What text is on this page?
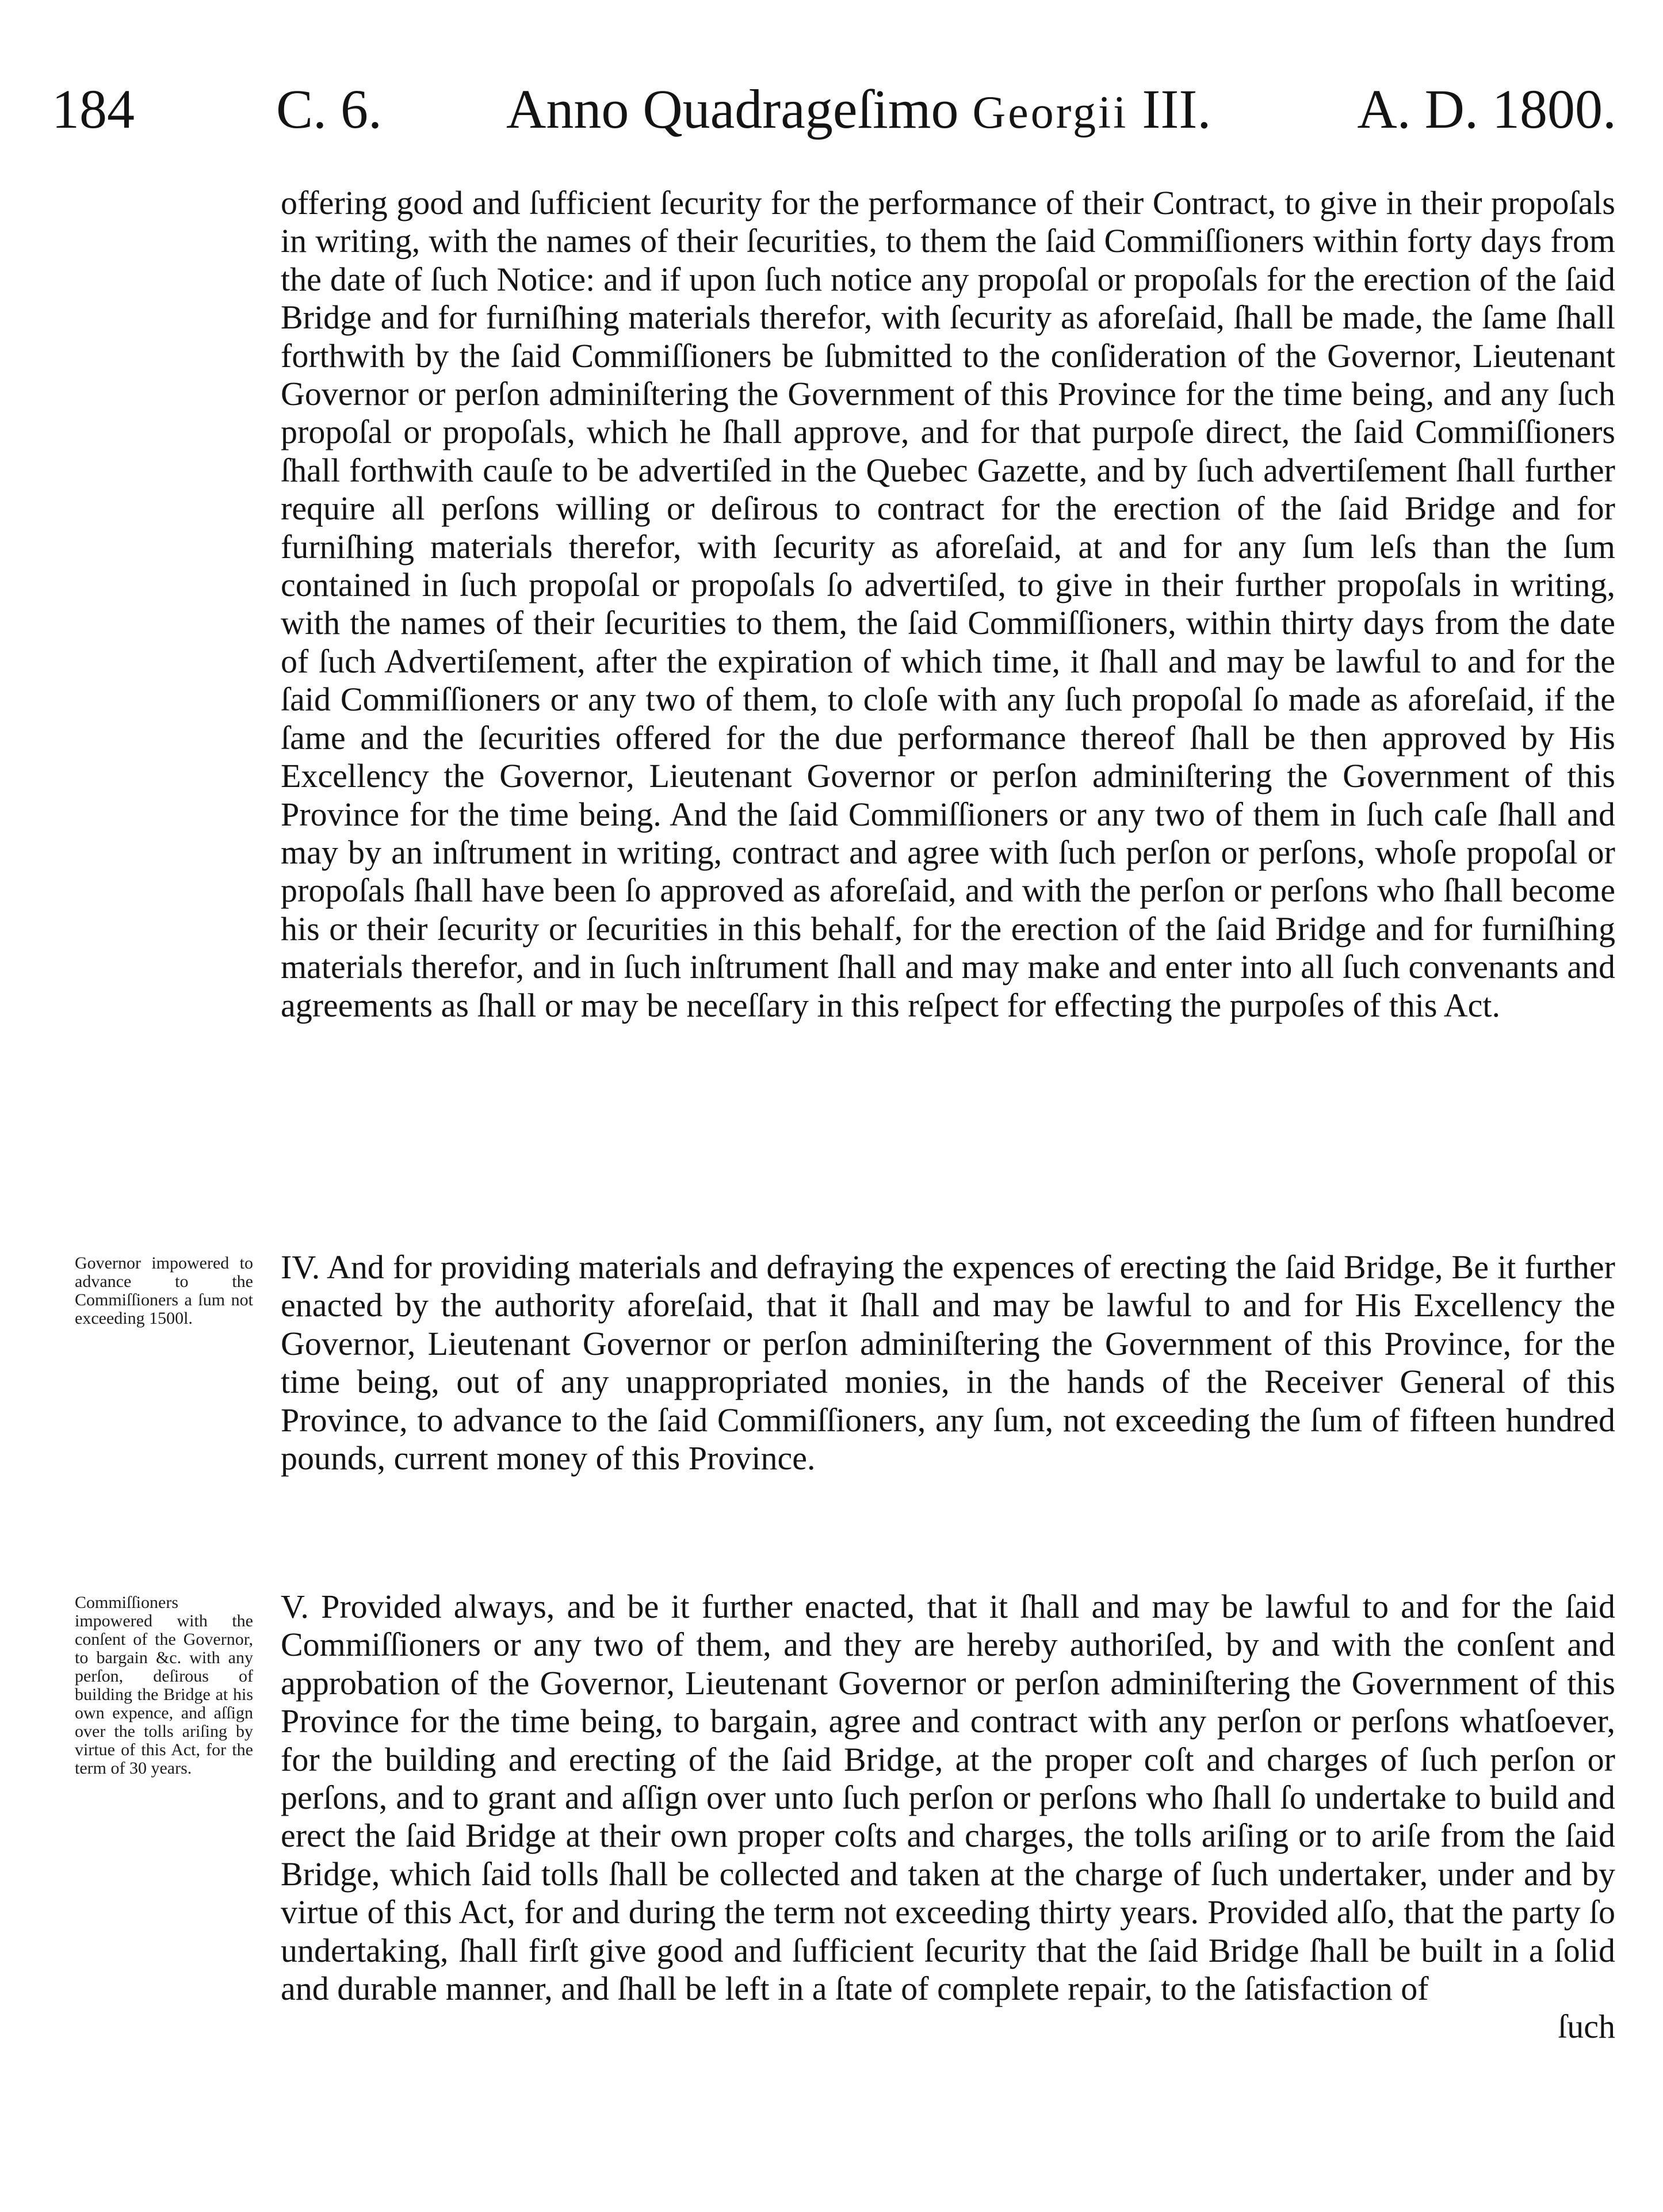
184	C. 6. Anno Quadrageſimo Georgii III.	A. D. 1800.
offering good and ſufficient ſecurity for the performance of their Contract, to give in their propoſals in writing, with the names of their ſecurities, to them the ſaid Commiſſioners within forty days from the date of ſuch Notice: and if upon ſuch notice any propoſal or propoſals for the erection of the ſaid Bridge and for furniſhing materials therefor, with ſecurity as aforeſaid, ſhall be made, the ſame ſhall forthwith by the ſaid Commiſſioners be ſubmitted to the conſideration of the Governor, Lieutenant Governor or perſon adminiſtering the Government of this Province for the time being, and any ſuch propoſal or propoſals, which he ſhall approve, and for that purpoſe direct, the ſaid Commiſſioners ſhall forthwith cauſe to be advertiſed in the Quebec Gazette, and by ſuch advertiſement ſhall further require all perſons willing or deſirous to contract for the erection of the ſaid Bridge and for furniſhing materials therefor, with ſecurity as aforeſaid, at and for any ſum leſs than the ſum contained in ſuch propoſal or propoſals ſo advertiſed, to give in their further propoſals in writing, with the names of their ſecurities to them, the ſaid Commiſſioners, within thirty days from the date of ſuch Advertiſement, after the expiration of which time, it ſhall and may be lawful to and for the ſaid Commiſſioners or any two of them, to cloſe with any ſuch propoſal ſo made as aforeſaid, if the ſame and the ſecurities offered for the due performance thereof ſhall be then approved by His Excellency the Governor, Lieutenant Governor or perſon adminiſtering the Government of this Province for the time being. And the ſaid Commiſſioners or any two of them in ſuch caſe ſhall and may by an inſtrument in writing, contract and agree with ſuch perſon or perſons, whoſe propoſal or propoſals ſhall have been ſo approved as aforeſaid, and with the perſon or perſons who ſhall become his or their ſecurity or ſecurities in this behalf, for the erection of the ſaid Bridge and for furniſhing materials therefor, and in ſuch inſtrument ſhall and may make and enter into all ſuch convenants and agreements as ſhall or may be neceſſary in this reſpect for effecting the purpoſes of this Act.
Governor impowered to advance to the Commiſſioners a ſum not exceeding 1500l.
IV. And for providing materials and defraying the expences of erecting the ſaid Bridge, Be it further enacted by the authority aforeſaid, that it ſhall and may be lawful to and for His Excellency the Governor, Lieutenant Governor or perſon adminiſtering the Government of this Province, for the time being, out of any unappropriated monies, in the hands of the Receiver General of this Province, to advance to the ſaid Commiſſioners, any ſum, not exceeding the ſum of fifteen hundred pounds, current money of this Province.
Commiſſioners impowered with the conſent of the Governor, to bargain &c. with any perſon, deſirous of building the Bridge at his own expence, and aſſign over the tolls ariſing by virtue of this Act, for the term of 30 years.
V. Provided always, and be it further enacted, that it ſhall and may be lawful to and for the ſaid Commiſſioners or any two of them, and they are hereby authoriſed, by and with the conſent and approbation of the Governor, Lieutenant Governor or perſon adminiſtering the Government of this Province for the time being, to bargain, agree and contract with any perſon or perſons whatſoever, for the building and erecting of the ſaid Bridge, at the proper coſt and charges of ſuch perſon or perſons, and to grant and aſſign over unto ſuch perſon or perſons who ſhall ſo undertake to build and erect the ſaid Bridge at their own proper coſts and charges, the tolls ariſing or to ariſe from the ſaid Bridge, which ſaid tolls ſhall be collected and taken at the charge of ſuch undertaker, under and by virtue of this Act, for and during the term not exceeding thirty years. Provided alſo, that the party ſo undertaking, ſhall firſt give good and ſufficient ſecurity that the ſaid Bridge ſhall be built in a ſolid and durable manner, and ſhall be left in a ſtate of complete repair, to the ſatisfaction of
ſuch
